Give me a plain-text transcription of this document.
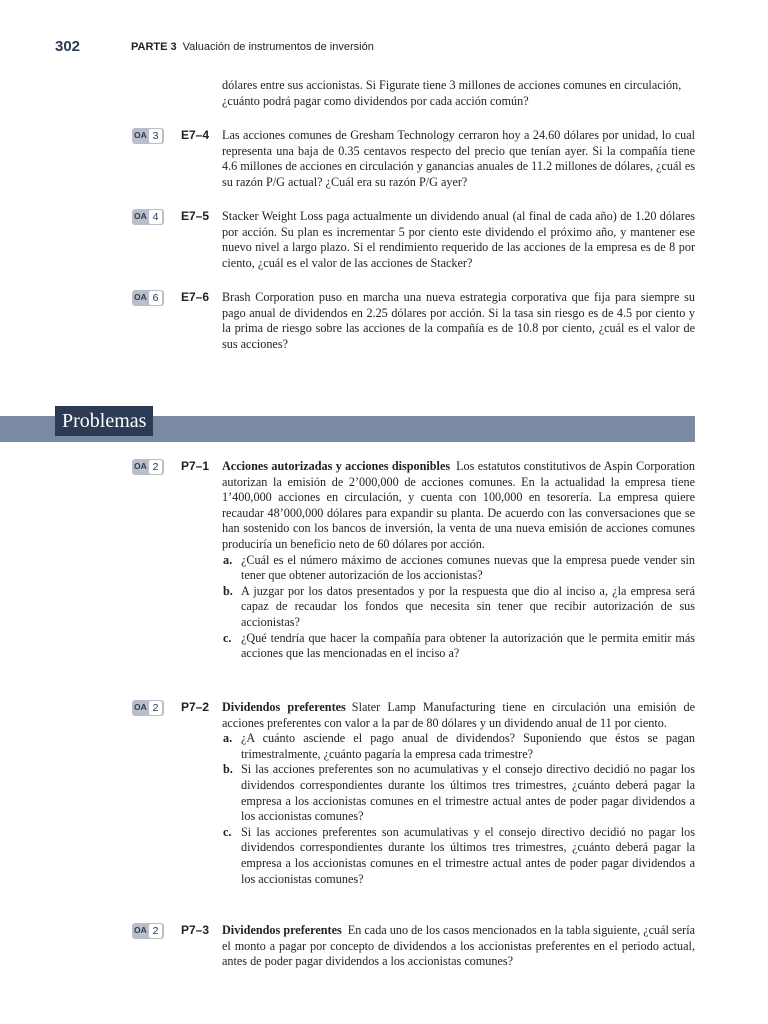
302	PARTE 3 Valuación de instrumentos de inversión

dólares entre sus accionistas. Si Figurate tiene 3 millones de acciones comunes en circulación, ¿cuánto podrá pagar como dividendos por cada acción común?

OA 3 E7–4 Las acciones comunes de Gresham Technology cerraron hoy a 24.60 dólares por unidad, lo cual representa una baja de 0.35 centavos respecto del precio que tenían ayer. Si la compañía tiene 4.6 millones de acciones en circulación y ganancias anuales de 11.2 millones de dólares, ¿cuál es su razón P/G actual? ¿Cuál era su razón P/G ayer?
OA 4 E7–5 Stacker Weight Loss paga actualmente un dividendo anual (al final de cada año) de 1.20 dólares por acción. Su plan es incrementar 5 por ciento este dividendo el próximo año, y mantener ese nuevo nivel a largo plazo. Si el rendimiento requerido de las acciones de la empresa es de 8 por ciento, ¿cuál es el valor de las acciones de Stacker?
OA 6 E7–6 Brash Corporation puso en marcha una nueva estrategia corporativa que fija para siempre su pago anual de dividendos en 2.25 dólares por acción. Si la tasa sin riesgo es de 4.5 por ciento y la prima de riesgo sobre las acciones de la compañía es de 10.8 por ciento, ¿cuál es el valor de sus acciones?
Problemas
OA 2 P7–1 Acciones autorizadas y acciones disponibles Los estatutos constitutivos de Aspin Corporation autorizan la emisión de 2’000,000 de acciones comunes. En la actualidad la empresa tiene 1’400,000 acciones en circulación, y cuenta con 100,000 en tesorería. La empresa quiere recaudar 48’000,000 dólares para expandir su planta. De acuerdo con las conversaciones que se han sostenido con los bancos de inversión, la venta de una nueva emisión de acciones comunes produciría un beneficio neto de 60 dólares por acción.
a. ¿Cuál es el número máximo de acciones comunes nuevas que la empresa puede vender sin tener que obtener autorización de los accionistas?
b. A juzgar por los datos presentados y por la respuesta que dio al inciso a, ¿la empresa será capaz de recaudar los fondos que necesita sin tener que recibir autorización de sus accionistas?
c. ¿Qué tendría que hacer la compañía para obtener la autorización que le permita emitir más acciones que las mencionadas en el inciso a?
OA 2 P7–2 Dividendos preferentes Slater Lamp Manufacturing tiene en circulación una emisión de acciones preferentes con valor a la par de 80 dólares y un dividendo anual de 11 por ciento.
a. ¿A cuánto asciende el pago anual de dividendos? Suponiendo que éstos se pagan trimestralmente, ¿cuánto pagaría la empresa cada trimestre?
b. Si las acciones preferentes son no acumulativas y el consejo directivo decidió no pagar los dividendos correspondientes durante los últimos tres trimestres, ¿cuánto deberá pagar la empresa a los accionistas comunes en el trimestre actual antes de poder pagar dividendos a los accionistas comunes?
c. Si las acciones preferentes son acumulativas y el consejo directivo decidió no pagar los dividendos correspondientes durante los últimos tres trimestres, ¿cuánto deberá pagar la empresa a los accionistas comunes en el trimestre actual antes de poder pagar dividendos a los accionistas comunes?
OA 2 P7–3 Dividendos preferentes En cada uno de los casos mencionados en la tabla siguiente, ¿cuál sería el monto a pagar por concepto de dividendos a los accionistas preferentes en el periodo actual, antes de poder pagar dividendos a los accionistas comunes?
